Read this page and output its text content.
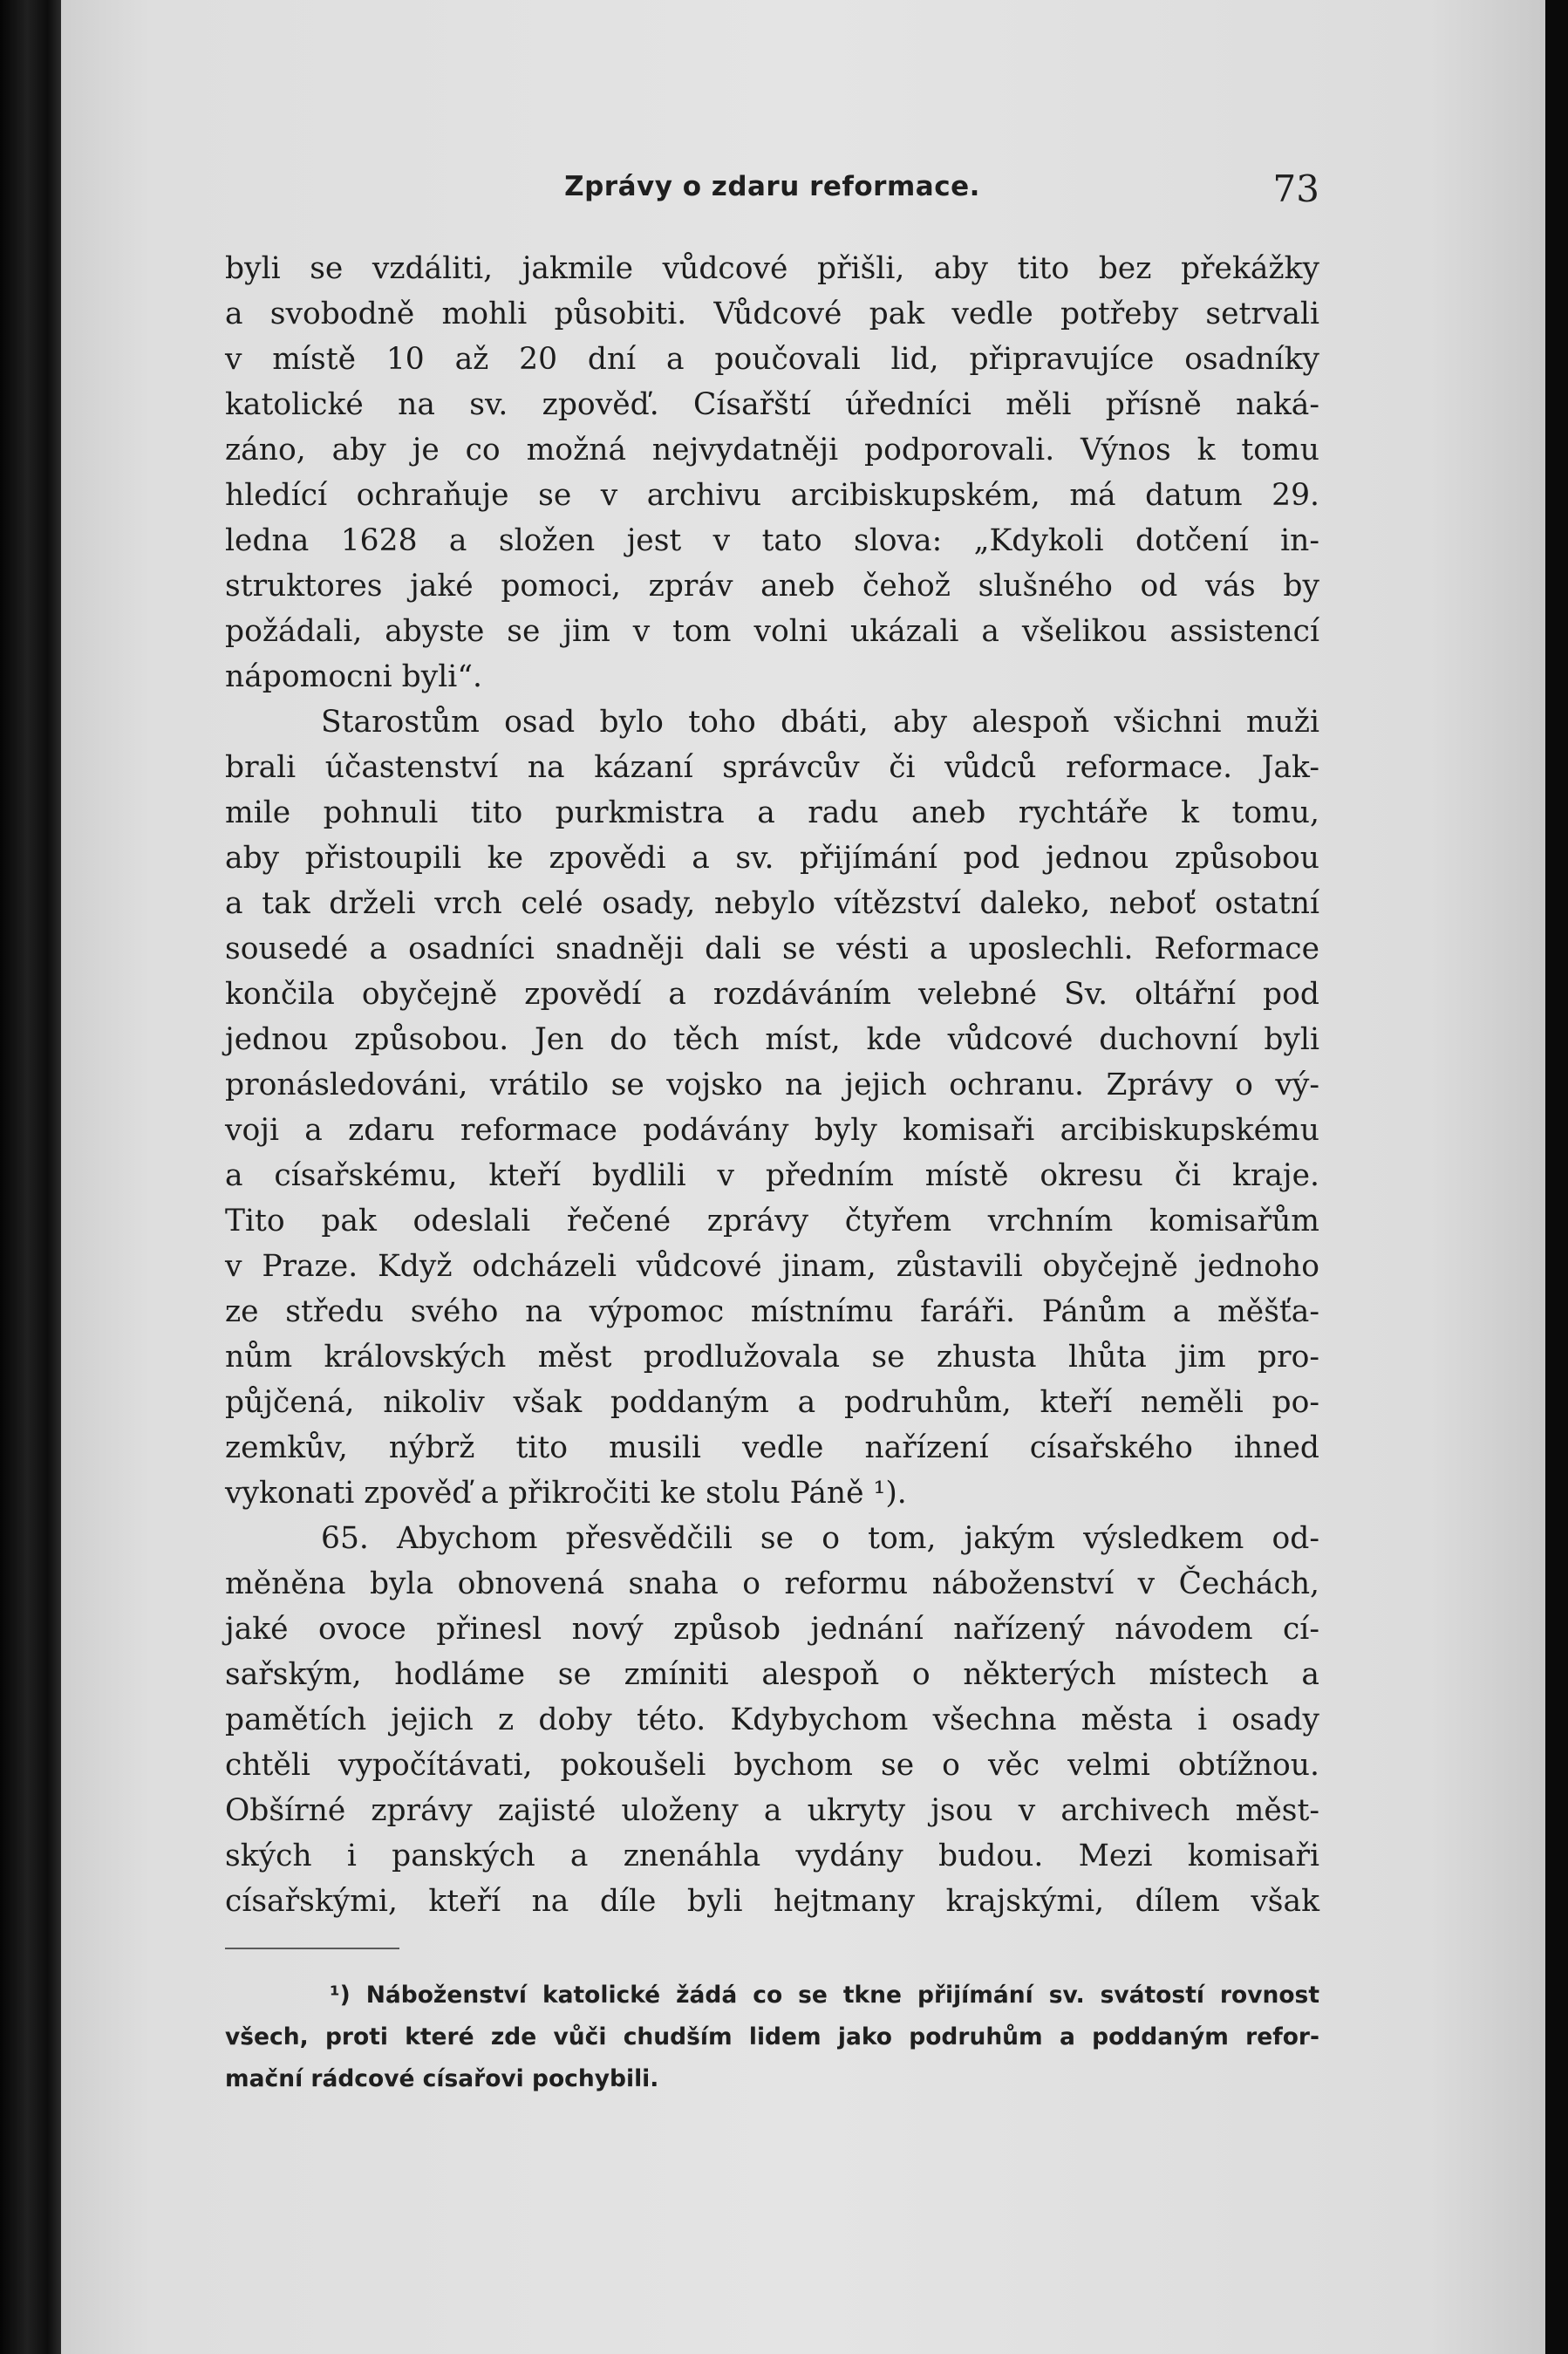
Zprávy o zdaru reformace.	73
byli se vzdáliti, jakmile vůdcové přišli, aby tito bez překážky
a svobodně mohli působiti. Vůdcové pak vedle potřeby setrvali
v místě 10 až 20 dní a poučovali lid, připravujíce osadníky
katolické na sv. zpověď. Císařští úředníci měli přísně naká-
záno, aby je co možná nejvydatněji podporovali. Výnos k tomu
hledící ochraňuje se v archivu arcibiskupském, má datum 29.
ledna 1628 a složen jest v tato slova: „Kdykoli dotčení in-
struktores jaké pomoci, zpráv aneb čehož slušného od vás by
požádali, abyste se jim v tom volni ukázali a všelikou assistencí
nápomocni byli“.
Starostům osad bylo toho dbáti, aby alespoň všichni muži
brali účastenství na kázaní správcův či vůdců reformace. Jak-
mile pohnuli tito purkmistra a radu aneb rychtáře k tomu,
aby přistoupili ke zpovědi a sv. přijímání pod jednou způsobou
a tak drželi vrch celé osady, nebylo vítězství daleko, neboť ostatní
sousedé a osadníci snadněji dali se vésti a uposlechli. Reformace
končila obyčejně zpovědí a rozdáváním velebné Sv. oltářní pod
jednou způsobou. Jen do těch míst, kde vůdcové duchovní byli
pronásledováni, vrátilo se vojsko na jejich ochranu. Zprávy o vý-
voji a zdaru reformace podávány byly komisaři arcibiskupskému
a císařskému, kteří bydlili v předním místě okresu či kraje.
Tito pak odeslali řečené zprávy čtyřem vrchním komisařům
v Praze. Když odcházeli vůdcové jinam, zůstavili obyčejně jednoho
ze středu svého na výpomoc místnímu faráři. Pánům a měšťa-
nům královských měst prodlužovala se zhusta lhůta jim pro-
půjčená, nikoliv však poddaným a podruhům, kteří neměli po-
zemkův, nýbrž tito musili vedle nařízení císařského ihned
vykonati zpověď a přikročiti ke stolu Páně ¹).
65. Abychom přesvědčili se o tom, jakým výsledkem od-
měněna byla obnovená snaha o reformu náboženství v Čechách,
jaké ovoce přinesl nový způsob jednání nařízený návodem cí-
sařským, hodláme se zmíniti alespoň o některých místech a
pamětích jejich z doby této. Kdybychom všechna města i osady
chtěli vypočítávati, pokoušeli bychom se o věc velmi obtížnou.
Obšírné zprávy zajisté uloženy a ukryty jsou v archivech měst-
ských i panských a znenáhla vydány budou. Mezi komisaři
císařskými, kteří na díle byli hejtmany krajskými, dílem však
¹) Náboženství katolické žádá co se tkne přijímání sv. svátostí rovnost
všech, proti které zde vůči chudším lidem jako podruhům a poddaným refor-
mační rádcové císařovi pochybili.
